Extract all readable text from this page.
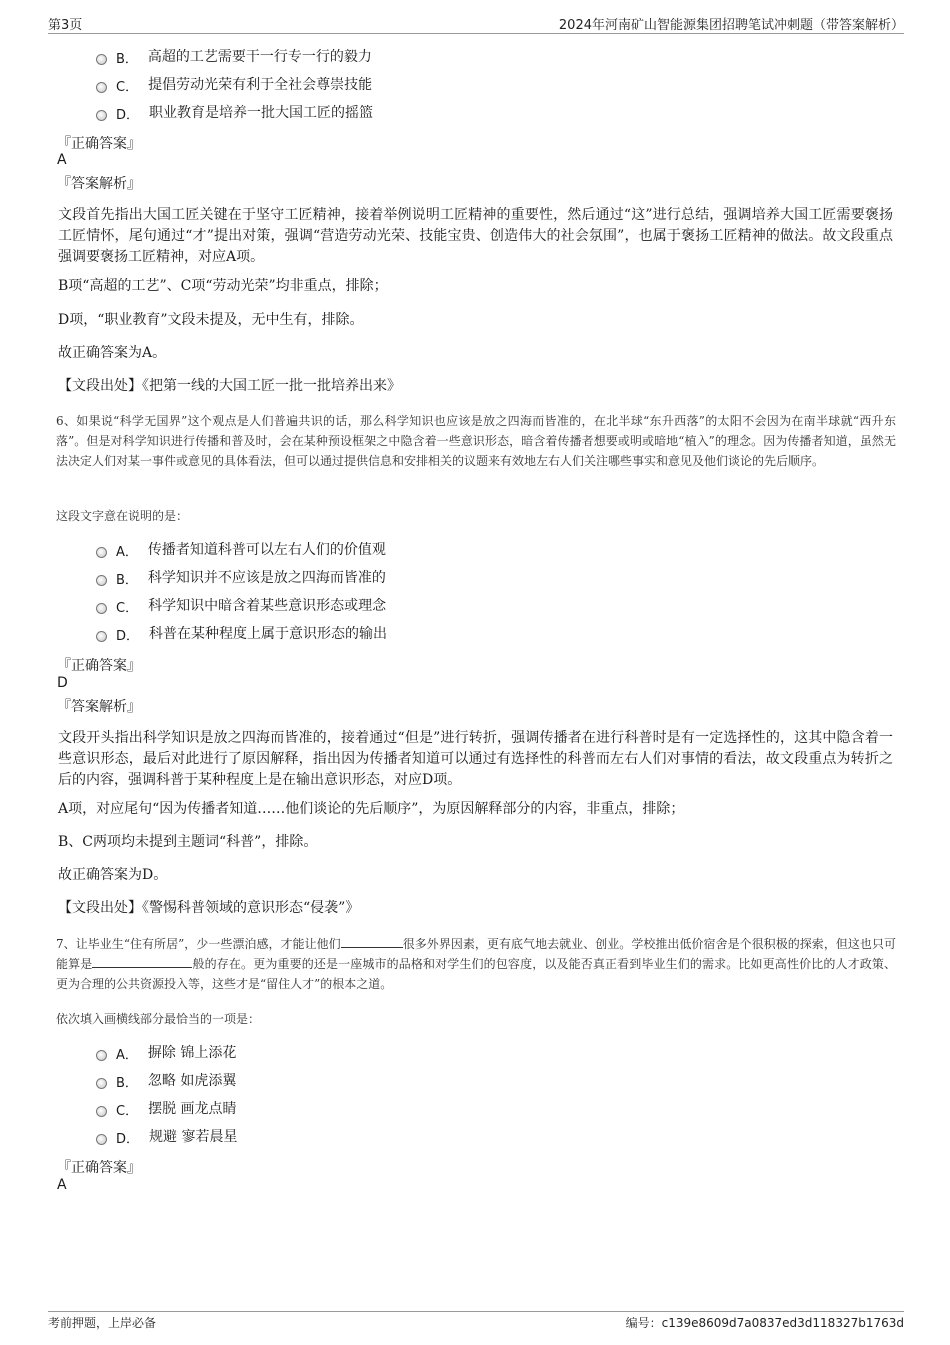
第3页	2024年河南矿山智能源集团招聘笔试冲刺题（带答案解析）
B． 高超的工艺需要干一行专一行的毅力
C． 提倡劳动光荣有利于全社会尊崇技能
D． 职业教育是培养一批大国工匠的摇篮
『正确答案』
A
『答案解析』
文段首先指出大国工匠关键在于坚守工匠精神，接着举例说明工匠精神的重要性，然后通过“这”进行总结，强调培养大国工匠需要褒扬工匠情怀，尾句通过“才”提出对策，强调“营造劳动光荣、技能宝贵、创造伟大的社会氛围”，也属于褒扬工匠精神的做法。故文段重点强调要褒扬工匠精神，对应A项。
B项“高超的工艺”、C项“劳动光荣”均非重点，排除；
D项，“职业教育”文段未提及，无中生有，排除。
故正确答案为A。
【文段出处】《把第一线的大国工匠一批一批培养出来》
6、如果说“科学无国界”这个观点是人们普遍共识的话，那么科学知识也应该是放之四海而皆准的，在北半球“东升西落”的太阳不会因为在南半球就“西升东落”。但是对科学知识进行传播和普及时，会在某种预设框架之中隐含着一些意识形态，暗含着传播者想要或明或暗地“植入”的理念。因为传播者知道，虽然无法决定人们对某一事件或意见的具体看法，但可以通过提供信息和安排相关的议题来有效地左右人们关注哪些事实和意见及他们谈论的先后顺序。
这段文字意在说明的是：
A． 传播者知道科普可以左右人们的价值观
B． 科学知识并不应该是放之四海而皆准的
C． 科学知识中暗含着某些意识形态或理念
D． 科普在某种程度上属于意识形态的输出
『正确答案』
D
『答案解析』
文段开头指出科学知识是放之四海而皆准的，接着通过“但是”进行转折，强调传播者在进行科普时是有一定选择性的，这其中隐含着一些意识形态，最后对此进行了原因解释，指出因为传播者知道可以通过有选择性的科普而左右人们对事情的看法，故文段重点为转折之后的内容，强调科普于某种程度上是在输出意识形态，对应D项。
A项，对应尾句“因为传播者知道……他们谈论的先后顺序”，为原因解释部分的内容，非重点，排除；
B、C两项均未提到主题词“科普”，排除。
故正确答案为D。
【文段出处】《警惕科普领域的意识形态“侵袭”》
7、让毕业生“住有所居”，少一些漂泊感，才能让他们	很多外界因素，更有底气地去就业、创业。学校推出低价宿舍是个很积极的探索，但这也只可能算是	般的存在。更为重要的还是一座城市的品格和对学生们的包容度，以及能否真正看到毕业生们的需求。比如更高性价比的人才政策、更为合理的公共资源投入等，这些才是“留住人才”的根本之道。
依次填入画横线部分最恰当的一项是：
A． 摒除 锦上添花
B． 忽略 如虎添翼
C． 摆脱 画龙点睛
D． 规避 寥若晨星
『正确答案』
A
考前押题，上岸必备	编号：c139e8609d7a0837ed3d118327b1763d
